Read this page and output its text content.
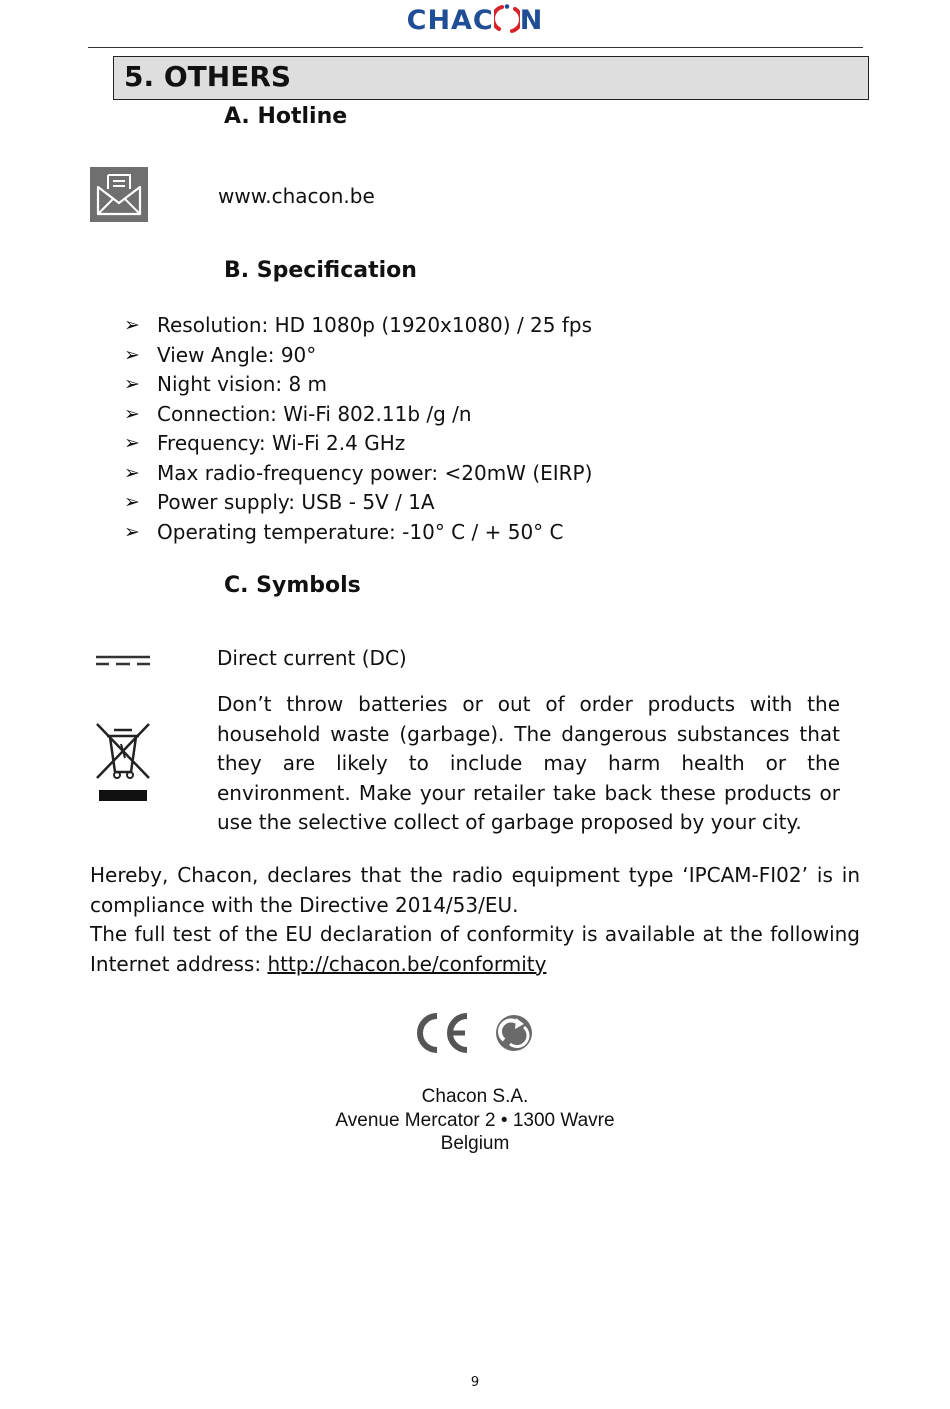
CHAC N
5. OTHERS
A. Hotline
www.chacon.be
B. Specification
➢ Resolution: HD 1080p (1920x1080) / 25 fps
➢ View Angle: 90°
➢ Night vision: 8 m
➢ Connection: Wi-Fi 802.11b /g /n
➢ Frequency: Wi-Fi 2.4 GHz
➢ Max radio-frequency power: <20mW (EIRP)
➢ Power supply: USB - 5V / 1A
➢ Operating temperature: -10° C / + 50° C
C. Symbols
Direct current (DC)

Don’t throw batteries or out of order products with the household waste (garbage). The dangerous substances that they are likely to include may harm health or the environment. Make your retailer take back these products or use the selective collect of garbage proposed by your city.

Hereby, Chacon, declares that the radio equipment type ‘IPCAM-FI02’ is in compliance with the Directive 2014/53/EU.

The full test of the EU declaration of conformity is available at the following Internet address: http://chacon.be/conformity

Chacon S.A.
Avenue Mercator 2 • 1300 Wavre
Belgium
9
